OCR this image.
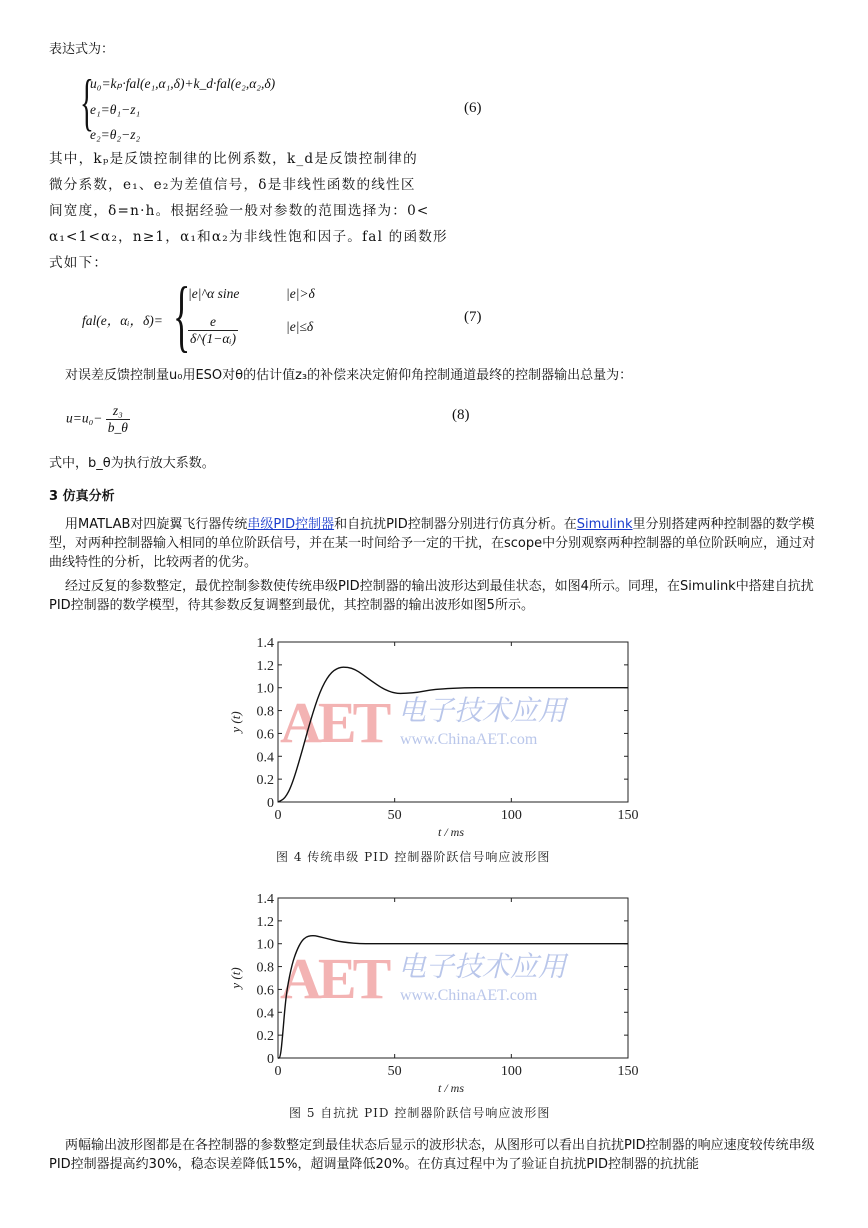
表达式为：
{
u₀=kₚ·fal(e₁,α₁,δ)+k_d·fal(e₂,α₂,δ)
e₁=θ₁−z₁
e₂=θ₂−z₂
(6)
其中，kₚ是反馈控制律的比例系数，k_d是反馈控制律的
微分系数，e₁、e₂为差值信号，δ是非线性函数的线性区
间宽度，δ=n·h。根据经验一般对参数的范围选择为：0<
α₁<1<α₂，n≥1，α₁和α₂为非线性饱和因子。fal 的函数形
式如下：
fal(e，αᵢ，δ)= {
|e|^α sine	|e|>δ
$\frac{e}{\text{δ\textasciicircum{}(1−αᵢ)}}$	|e|≤δ
(7)
对误差反馈控制量u₀用ESO对θ的估计值z₃的补偿来决定俯仰角控制通道最终的控制器输出总量为：
$u=u_0- \frac{\text{z₃}}{b\_\theta}$	(8)
式中，b_θ为执行放大系数。
3 仿真分析
用MATLAB对四旋翼飞行器传统串级PID控制器和自抗扰PID控制器分别进行仿真分析。在Simulink里分别搭建两种控制器的数学模型，对两种控制器输入相同的单位阶跃信号，并在某一时间给予一定的干扰，在scope中分别观察两种控制器的单位阶跃响应，通过对曲线特性的分析，比较两者的优劣。
经过反复的参数整定，最优控制参数使传统串级PID控制器的输出波形达到最佳状态，如图4所示。同理，在Simulink中搭建自抗扰PID控制器的数学模型，待其参数反复调整到最优，其控制器的输出波形如图5所示。
AET 电子技术应用
www.ChinaAET.com
0
0.2
0.4
0.6
0.8
1.0
1.2
1.4
0	50	100	150
t / ms
y (t)
图 4 传统串级 PID 控制器阶跃信号响应波形图
AET 电子技术应用
www.ChinaAET.com
0
0.2
0.4
0.6
0.8
1.0
1.2
1.4
0	50	100	150
t / ms
y (t)
图 5 自抗扰 PID 控制器阶跃信号响应波形图
两幅输出波形图都是在各控制器的参数整定到最佳状态后显示的波形状态，从图形可以看出自抗扰PID控制器的响应速度较传统串级PID控制器提高约30%，稳态误差降低15%，超调量降低20%。在仿真过程中为了验证自抗扰PID控制器的抗扰能
